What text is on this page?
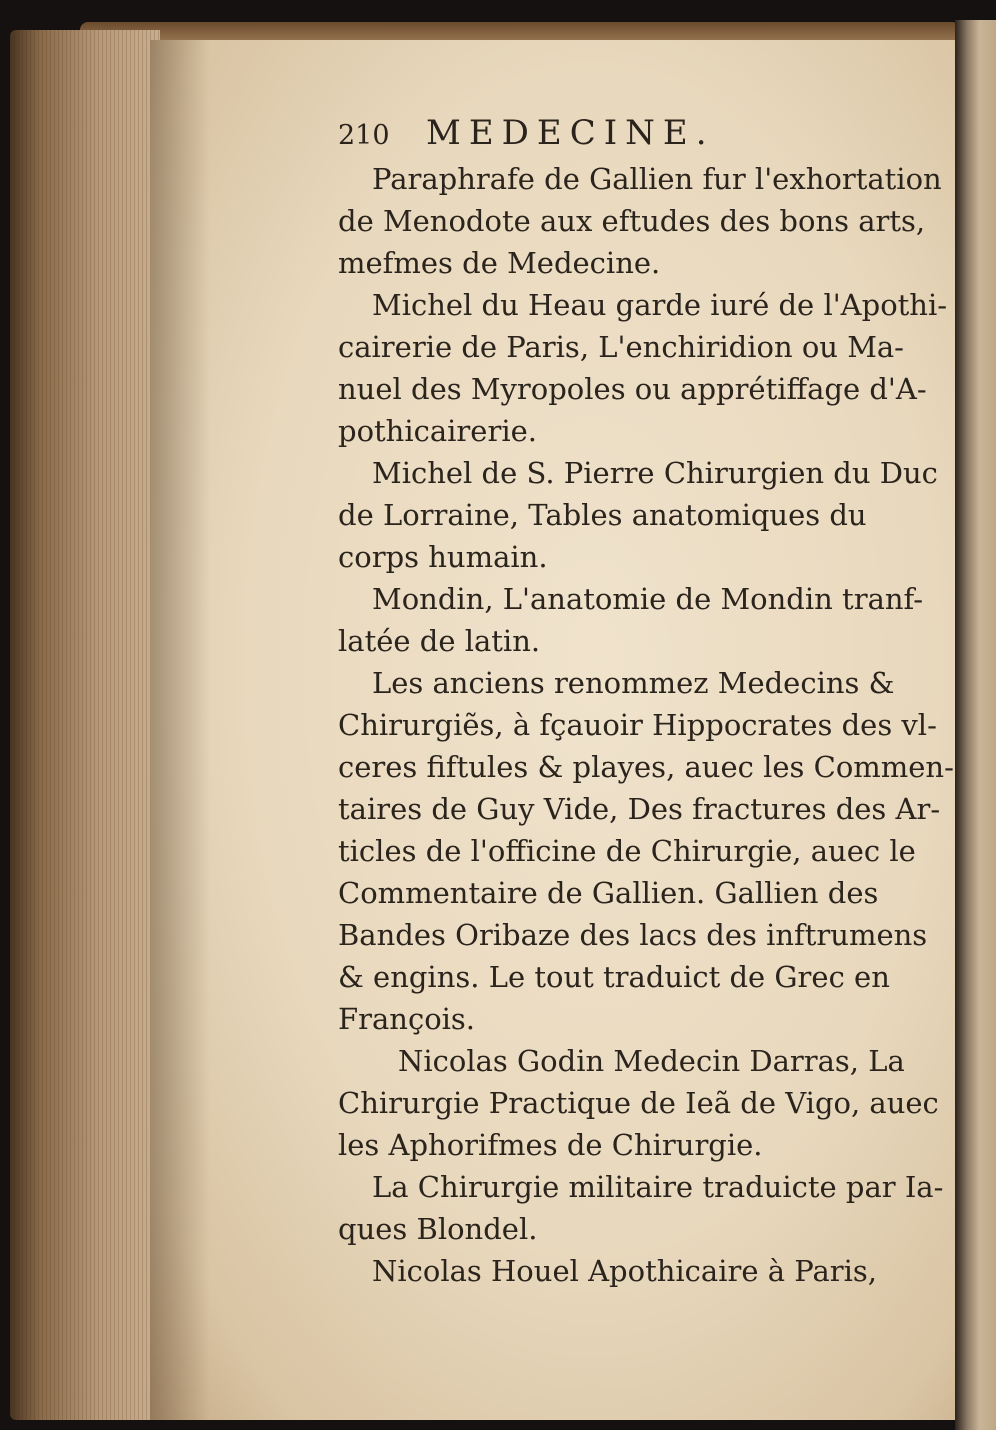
210	MEDECINE.

Paraphrafe de Gallien fur l'exhortation
de Menodote aux eftudes des bons arts,
mefmes de Medecine.

Michel du Heau garde iuré de l'Apothi-
cairerie de Paris, L'enchiridion ou Ma-
nuel des Myropoles ou apprétiffage d'A-
pothicairerie.

Michel de S. Pierre Chirurgien du Duc
de Lorraine, Tables anatomiques du
corps humain.

Mondin, L'anatomie de Mondin tranf-
latée de latin.

Les anciens renommez Medecins &
Chirurgiẽs, à fçauoir Hippocrates des vl-
ceres fiftules & playes, auec les Commen-
taires de Guy Vide, Des fractures des Ar-
ticles de l'officine de Chirurgie, auec le
Commentaire de Gallien. Gallien des
Bandes Oribaze des lacs des inftrumens
& engins. Le tout traduict de Grec en
François.

Nicolas Godin Medecin Darras, La
Chirurgie Practique de Ieã de Vigo, auec
les Aphorifmes de Chirurgie.

La Chirurgie militaire traduicte par Ia-
ques Blondel.

Nicolas Houel Apothicaire à Paris,
